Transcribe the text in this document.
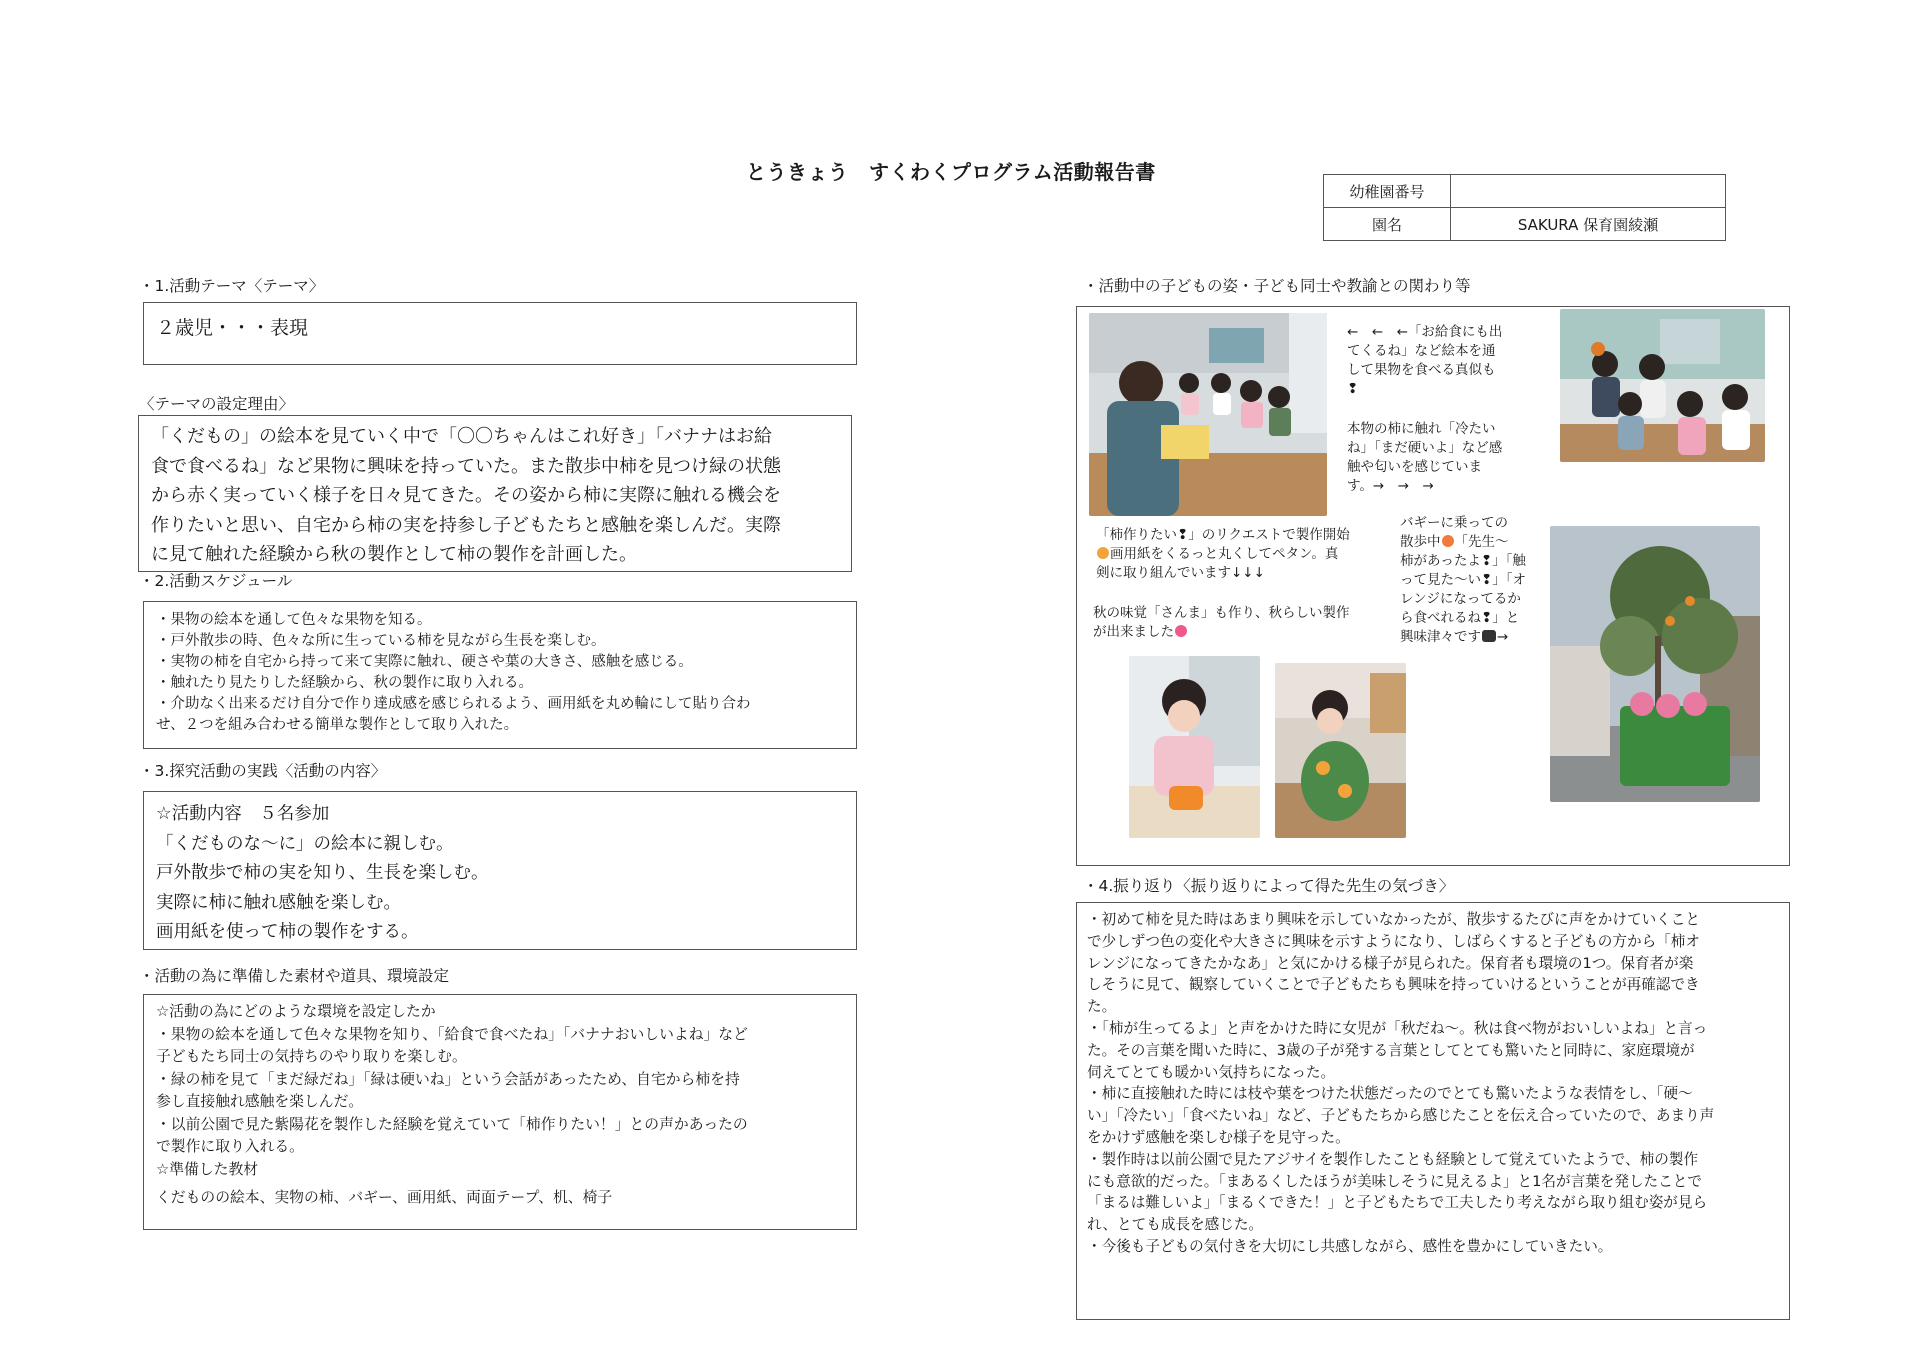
とうきょう　すくわくプログラム活動報告書
幼稚園番号	
園名	SAKURA 保育園綾瀬
・1.活動テーマ〈テーマ〉
２歳児・・・表現
〈テーマの設定理由〉
「くだもの」の絵本を見ていく中で「〇〇ちゃんはこれ好き」「バナナはお給
食で食べるね」など果物に興味を持っていた。また散歩中柿を見つけ緑の状態
から赤く実っていく様子を日々見てきた。その姿から柿に実際に触れる機会を
作りたいと思い、自宅から柿の実を持参し子どもたちと感触を楽しんだ。実際
に見て触れた経験から秋の製作として柿の製作を計画した。
・2.活動スケジュール
・果物の絵本を通して色々な果物を知る。
・戸外散歩の時、色々な所に生っている柿を見ながら生長を楽しむ。
・実物の柿を自宅から持って来て実際に触れ、硬さや葉の大きさ、感触を感じる。
・触れたり見たりした経験から、秋の製作に取り入れる。
・介助なく出来るだけ自分で作り達成感を感じられるよう、画用紙を丸め輪にして貼り合わ
せ、２つを組み合わせる簡単な製作として取り入れた。
・3.探究活動の実践〈活動の内容〉
☆活動内容　５名参加
「くだものな～に」の絵本に親しむ。
戸外散歩で柿の実を知り、生長を楽しむ。
実際に柿に触れ感触を楽しむ。
画用紙を使って柿の製作をする。
・活動の為に準備した素材や道具、環境設定
☆活動の為にどのような環境を設定したか
・果物の絵本を通して色々な果物を知り、「給食で食べたね」「バナナおいしいよね」など
子どもたち同士の気持ちのやり取りを楽しむ。
・緑の柿を見て「まだ緑だね」「緑は硬いね」という会話があったため、自宅から柿を持
参し直接触れ感触を楽しんだ。
・以前公園で見た紫陽花を製作した経験を覚えていて「柿作りたい！」との声かあったの
で製作に取り入れる。
☆準備した教材
くだものの絵本、実物の柿、バギー、画用紙、両面テープ、机、椅子
・活動中の子どもの姿・子ども同士や教諭との関わり等
←　←　←「お給食にも出
てくるね」など絵本を通
して果物を食べる真似も
❢
本物の柿に触れ「冷たい
ね」「まだ硬いよ」など感
触や匂いを感じていま
す。→　→　→
「柿作りたい❢」のリクエストで製作開始
画用紙をくるっと丸くしてペタン。真
剣に取り組んでいます↓↓↓
秋の味覚「さんま」も作り、秋らしい製作
が出来ました
バギーに乗っての
散歩中 「先生～
柿があったよ❢」「触
って見た～い❢」「オ
レンジになってるか
ら食べれるね❢」と
興味津々です →
・4.振り返り〈振り返りによって得た先生の気づき〉
・初めて柿を見た時はあまり興味を示していなかったが、散歩するたびに声をかけていくこと
で少しずつ色の変化や大きさに興味を示すようになり、しばらくすると子どもの方から「柿オ
レンジになってきたかなあ」と気にかける様子が見られた。保育者も環境の1つ。保育者が楽
しそうに見て、観察していくことで子どもたちも興味を持っていけるということが再確認でき
た。
・「柿が生ってるよ」と声をかけた時に女児が「秋だね～。秋は食べ物がおいしいよね」と言っ
た。その言葉を聞いた時に、3歳の子が発する言葉としてとても驚いたと同時に、家庭環境が
伺えてとても暖かい気持ちになった。
・柿に直接触れた時には枝や葉をつけた状態だったのでとても驚いたような表情をし、「硬～
い」「冷たい」「食べたいね」など、子どもたちから感じたことを伝え合っていたので、あまり声
をかけず感触を楽しむ様子を見守った。
・製作時は以前公園で見たアジサイを製作したことも経験として覚えていたようで、柿の製作
にも意欲的だった。「まあるくしたほうが美味しそうに見えるよ」と1名が言葉を発したことで
「まるは難しいよ」「まるくできた！」と子どもたちで工夫したり考えながら取り組む姿が見ら
れ、とても成長を感じた。
・今後も子どもの気付きを大切にし共感しながら、感性を豊かにしていきたい。
